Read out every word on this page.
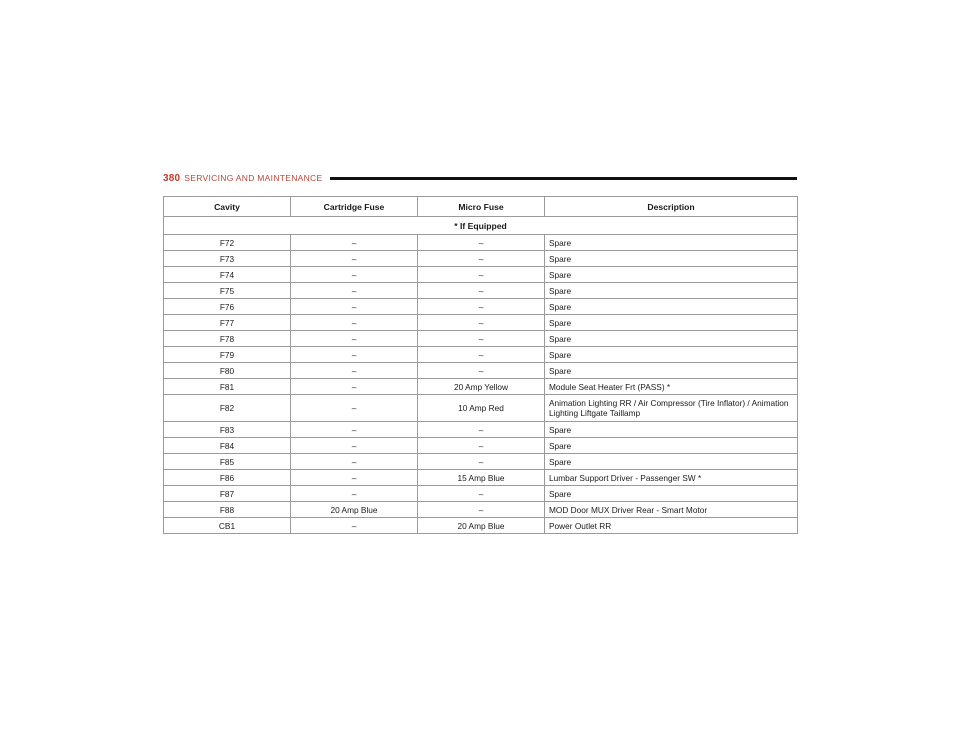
380 SERVICING AND MAINTENANCE
Cavity	Cartridge Fuse	Micro Fuse	Description
* If Equipped			
F72	–	–	Spare
F73	–	–	Spare
F74	–	–	Spare
F75	–	–	Spare
F76	–	–	Spare
F77	–	–	Spare
F78	–	–	Spare
F79	–	–	Spare
F80	–	–	Spare
F81	–	20 Amp Yellow	Module Seat Heater Frt (PASS) *
F82	–	10 Amp Red	Animation Lighting RR / Air Compressor (Tire Inflator) / Animation Lighting Liftgate Taillamp
F83	–	–	Spare
F84	–	–	Spare
F85	–	–	Spare
F86	–	15 Amp Blue	Lumbar Support Driver - Passenger SW *
F87	–	–	Spare
F88	20 Amp Blue	–	MOD Door MUX Driver Rear - Smart Motor
CB1	–	20 Amp Blue	Power Outlet RR
